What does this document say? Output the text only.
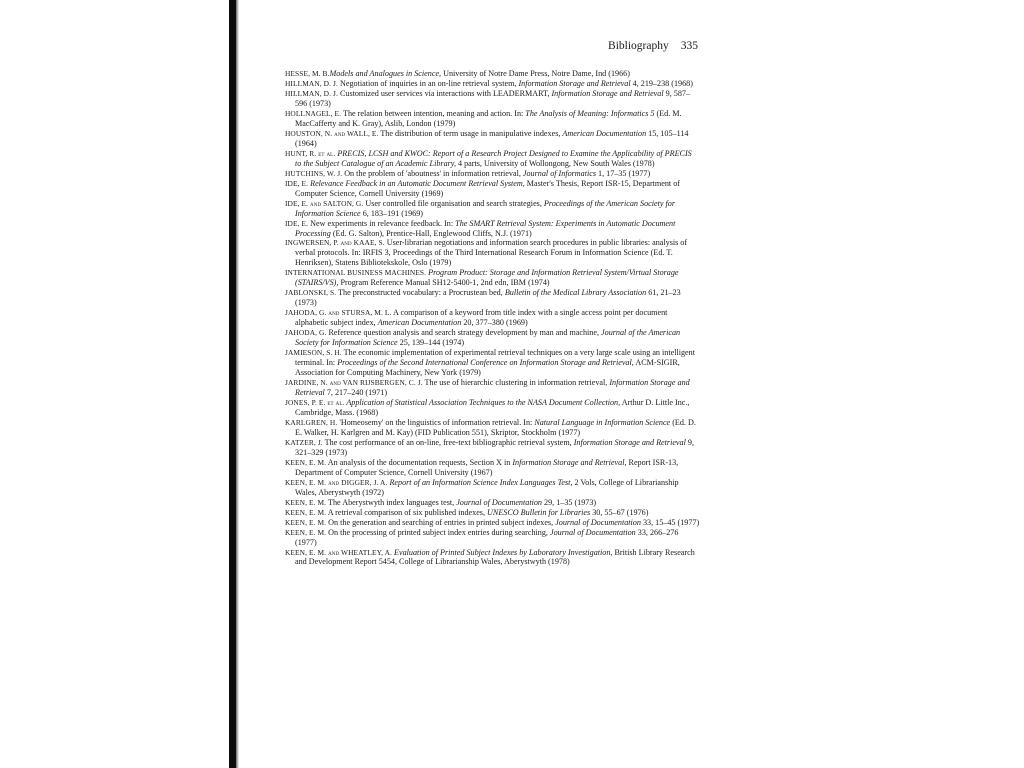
Bibliography 335

HESSE, M. B.Models and Analogues in Science, University of Notre Dame Press, Notre Dame, Ind (1966)

HILLMAN, D. J. Negotiation of inquiries in an on-line retrieval system, Information Storage and Retrieval 4, 219–238 (1968)

HILLMAN, D. J. Customized user services via interactions with LEADERMART, Information Storage and Retrieval 9, 587–596 (1973)

HOLLNAGEL, E. The relation between intention, meaning and action. In: The Analysis of Meaning: Informatics 5 (Ed. M. MacCafferty and K. Gray), Aslib, London (1979)

HOUSTON, N. and WALL, E. The distribution of term usage in manipulative indexes, American Documentation 15, 105–114 (1964)

HUNT, R. et al. PRECIS, LCSH and KWOC: Report of a Research Project Designed to Examine the Applicability of PRECIS to the Subject Catalogue of an Academic Library, 4 parts, University of Wollongong, New South Wales (1978)

HUTCHINS, W. J. On the problem of 'aboutness' in information retrieval, Journal of Informatics 1, 17–35 (1977)

IDE, E. Relevance Feedback in an Automatic Document Retrieval System, Master's Thesis, Report ISR-15, Department of Computer Science, Cornell University (1969)

IDE, E. and SALTON, G. User controlled file organisation and search strategies, Proceedings of the American Society for Information Science 6, 183–191 (1969)

IDE, E. New experiments in relevance feedback. In: The SMART Retrieval System: Experiments in Automatic Document Processing (Ed. G. Salton), Prentice-Hall, Englewood Cliffs, N.J. (1971)

INGWERSEN, P. and KAAE, S. User-librarian negotiations and information search procedures in public libraries: analysis of verbal protocols. In: IRFIS 3, Proceedings of the Third International Research Forum in Information Science (Ed. T. Henriksen), Statens Bibliotekskole, Oslo (1979)

INTERNATIONAL BUSINESS MACHINES. Program Product: Storage and Information Retrieval System/Virtual Storage (STAIRS/VS), Program Reference Manual SH12-5400-1, 2nd edn, IBM (1974)

JABLONSKI, S. The preconstructed vocabulary: a Procrustean bed, Bulletin of the Medical Library Association 61, 21–23 (1973)

JAHODA, G. and STURSA, M. L. A comparison of a keyword from title index with a single access point per document alphabetic subject index, American Documentation 20, 377–380 (1969)

JAHODA, G. Reference question analysis and search strategy development by man and machine, Journal of the American Society for Information Science 25, 139–144 (1974)

JAMIESON, S. H. The economic implementation of experimental retrieval techniques on a very large scale using an intelligent terminal. In: Proceedings of the Second International Conference on Information Storage and Retrieval, ACM-SIGIR, Association for Computing Machinery, New York (1979)

JARDINE, N. and VAN RIJSBERGEN, C. J. The use of hierarchic clustering in information retrieval, Information Storage and Retrieval 7, 217–240 (1971)

JONES, P. E. et al. Application of Statistical Association Techniques to the NASA Document Collection, Arthur D. Little Inc., Cambridge, Mass. (1968)

KARLGREN, H. 'Homeosemy' on the linguistics of information retrieval. In: Natural Language in Information Science (Ed. D. E. Walker, H. Karlgren and M. Kay) (FID Publication 551), Skriptor, Stockholm (1977)

KATZER, J. The cost performance of an on-line, free-text bibliographic retrieval system, Information Storage and Retrieval 9, 321–329 (1973)

KEEN, E. M. An analysis of the documentation requests, Section X in Information Storage and Retrieval, Report ISR-13, Department of Computer Science, Cornell University (1967)

KEEN, E. M. and DIGGER, J. A. Report of an Information Science Index Languages Test, 2 Vols, College of Librarianship Wales, Aberystwyth (1972)

KEEN, E. M. The Aberystwyth index languages test, Journal of Documentation 29, 1–35 (1973)

KEEN, E. M. A retrieval comparison of six published indexes, UNESCO Bulletin for Libraries 30, 55–67 (1976)

KEEN, E. M. On the generation and searching of entries in printed subject indexes, Journal of Documentation 33, 15–45 (1977)

KEEN, E. M. On the processing of printed subject index entries during searching, Journal of Documentation 33, 266–276 (1977)

KEEN, E. M. and WHEATLEY, A. Evaluation of Printed Subject Indexes by Laboratory Investigation, British Library Research and Development Report 5454, College of Librarianship Wales, Aberystwyth (1978)
